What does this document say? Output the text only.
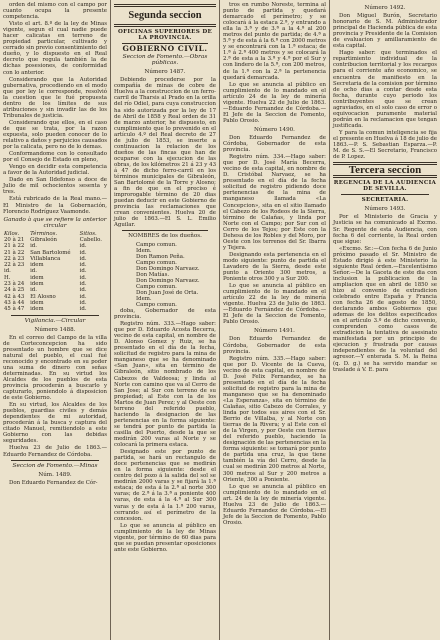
orden del mismo con el campo por cuanto ocupa la presente competencia.

Visto el art. 8.º de la ley de Minas vigente, segun el cual nadie puede hacer calicatas en terreno de propiedad particular, cultivado y cerrado sin previo consentimiento del dueño, y lo dispuesto en el Real decreto que regula también la de dichas posesiones, de conformidad con lo anterior.

Considerando que la Autoridad gubernativa, procediendo en el modo que por ley le corresponde, resolvió la cuestion que le fué propuesta dentro de los límites de sus atribuciones y sin invadir las de los Tribunales de justicia.

Considerando que ellos, en el caso de que se trata, por la razon expuesta, solo pueden conocer de lo relativo a daños y perjuicios causados por la calicata, pero no de lo demas.

Conformandome con lo consultado por el Consejo de Estado en pleno,

Vengo en decidir esta competencia a favor de la Autoridad judicial.

Dado en San Ildefonso a doce de Julio de mil ochocientos sesenta y tres.

Está rubricado de la Real mano.—El Ministro de la Gobernación, Florencio Rodríguez Vaamonde.

Ganado à que se refiere la anterior circular
Kilos.	Términos.	Sitios.
20 à 21	Gibraleón	Cabello.
21 à 22	id.	id.
21 à 22	San Bartolomé	id.
22 à 23	Villablanca	id.
22 à 23	idem	id.
id.	id.	id.
H.	idem	id.
23 à 24	idem	id.
24 à 25	id.	id.
42 à 43	El Alosno	id.
43 à 44	idem	id.
45 à 47	idem	id.
Vigilancia.—Circular
Número 1488.

En el correo del Campo de la villa de Corteconcepcion ha sido presentado un hombre que se dice natural del pueblo, el cual fué reconocido y encontrado en su poder una suma de dinero con señas determinadas. En su virtud los Alcaldes de los pueblos de esta provincia procederán a buscarlo y capturarlo, poniendolo á disposicion de este Gobierno.

En su virtud, los Alcaldes de los pueblos, guardias civiles y demás dependientes de mi autoridad, procederán á la busca y captura del citado Manuel, remitiendolo a este Gobierno con las debidas seguridades.

Huelva 23 de Julio de 1863.—Eduardo Fernandez de Córdoba.

Seccion de Fomento.—Minas
Núm. 1489.

Don Eduardo Fernandez de Cór-

Segunda seccion
OFICINAS SUPERIORES DE LA PROVINCIA.
GOBIERNO CIVIL.
Seccion de Fomento.—Obras públicas.
Número 1487.

Debiendo procederse por la compañía de minas de cobre de Huelva a la construccion de un ferro-carril de Tharsis al Prado en la orilla del río Odiel, para cuya construccion ha sido autorizada por la ley de 17 de Abril de 1858 y Real orden de 31 de marzo anterior, he dispuesto, en cumplimiento que lo prevenido en el artículo 4.º del Real decreto de 27 de julio de 1853, se inserte a continuacion la relacion de los dueños de las fincas que han de ocuparse con la ejecucion de las obras, de los kilómetros 21 á 23 y 43 á 47 de dicho ferro-carril en los términos municipales de Gibraleón, San Bartolomé de la Torre y Alosno; a fin de que en el preciso é improrogable término de 20 dias puedan deducir en este Gobierno de provincia las reclamaciones que crean convenientes. Huelva 20 de julio de 1863.—El S. L. Emilio Aguilar.

NOMBRES de los dueños.
Campo comun.
Idem.
Don Ramon Peña.
Campo comun.
Don Domingo Narvaez.
Don Matías.
Don Domingo Narvaez.
Campo comun.
Don Juan José de Orta.
Idem.
Campo comun.

doba, Gobernador de esta provincia.

Registro núm. 333.—Hago saber: que por D. Eduardo Acosta Becerra, vecino de esta capital, en nombre de D. Alonso Gomez y Ruiz, se ha presentado en el día de la fecha, solicitud de registro para la mina de manganeso que se ha denominado «San Juan», sita en término de Gibraleón, sitio nombrado de los Cabezos de Valdeosa; y linda al Norte con camino que va al Cerro de San Jose; al Sur con terreno de su propiedad; al Este con la de los Martos de Juan Perez; y al Oeste con terreno del referido pueblo, haciendo la designacion de las pertenencias en la forma siguiente: se tendrá por punto de partida la casilla del Puerto, desde la que se medirán 200 varas al Norte y se colocará la primera estaca.

Designado este por punto de partida, se hará un rectangulo de doce pertenencias que se medirán en la forma siguiente: desde el centro del pozo á la salida del sol se medirán 2000 varas y se fijará la 1.ª estaca; de esta á la 2.ª al norte 300 varas; de 2.ª á la 3.ª a poniente 400 varas, de esta á la 4.ª al Sur 300 varas y de esta á la 1.ª 200 varas, cerrando así el perímetro de la concesion.

Lo que se anuncia al público en cumplimiento de la ley de Minas vigente, por término de 60 dias para que se puedan presentar oposiciones ante este Gobierno.

tros en rumbo Noreste, termina al punto de partida y quedará demarcado el perímetro; y se colocará á la estaca 2.ª, y entrando a ella la 3.ª y de 3.ª a la 4.ª al 200 metros del punto de partida; de 4.ª a 5.ª y de esta á la 6.ª con 2000 metros y se encontrará con la 1.ª estaca; de 1.ª á 2.ª 400 metros y se colocará la 2.ª de esta a la 3.ª y 4.ª por el Sur y con lindero de la 5.ª, con 200 metros, de la 1.ª con la 2.ª la pertenencia quedará demarcada.

Lo que se anuncia al público en cumplimiento de lo mandado en el artículo 24 de la ley de minería vigente. Huelva 22 de Julio de 1863.—Eduardo Fernandez de Córdoba.—El Jefe de la Seccion de Fomento, Pablo Orosio.

Número 1490.

Don Eduardo Fernandez de Córdoba, Gobernador de esta provincia.

Registro núm. 334.—Hago saber: que por D. José María Becerra, vecino de esta capital, en nombre de D. Cristóbal Narvaez, se ha presentado en el día de la fecha solicitud de registro pidiendo doce pertenencias de la mina de manganeso llamada «La Concepcion», sita en el sitio llamado el Cabezo de los Rodeos de la Sierra, término de Calañas, y linda por Norte con el Campo; por Sur con el Cerro de los Tejos; por Este con la Dehesa de los Robles y del Moro, por Oeste con los terrenos del Sr. Ibarra y Tejera.

Designando esta pertenencia en el modo siguiente: punto de partida el Lavadero de la Sierra, desde este punto a Oriente 300 metros, a Poniente otros 300 y a Sur 200.

Lo que se anuncia al público en cumplimiento de lo mandado en el artículo 22 de la ley de minería vigente. Huelva 23 de Julio de 1863.—Eduardo Fernández de Córdoba.—El Jefe de la Seccion de Fomento, Pablo Orosio.

Número 1491.

Don Eduardo Fernandez de Córdoba, Gobernador de esta provincia.

Registro núm. 335.—Hago saber: que por D. Vicente de la Cueva, vecino de esta capital, en nombre de D. José Felix Fernandez, se ha presentado en el día de la fecha solicitud de registro para la mina de manganeso que se ha denominado «La Esperanza», sita en término de Calañas, sitio Cabezo de Corrales, y linda por todos sus aires con el Sr. Berrio de Villalba, y al Norte con tierras de la Rivera; y al Este con el de la Virgen, y por Oeste con tierras del referido pueblo, haciendo la designación de las pertenencias en la forma siguiente: se tomará por punto de partida una cruz, la que tiene también la vía del Cerro, desde la cual se medirán 200 metros al Norte, 300 metros al Sur y 200 metros a Oriente, 300 a Poniente.

Lo que se anuncia al público en cumplimiento de lo mandado en el art. 24 de la ley de minería vigente. Huelva 23 de Julio de 1863.—Eduardo Fernandez de Córdoba.—El Jefe de la Seccion de Fomento, Pablo Orosio.

Número 1492.

Don Miguel Burón, Secretario honorario de S. M. Administrador principal de Hacienda pública de esta provincia y Presidente de la Comision de evaluacion y amillaramiento de esta capital.

Hago saber: que terminados el repartimiento individual de la contribucion territorial y los recargos para el corriente año economico, se encuentra de manifiesto en la Secretaria de la comision por término de ocho dias a contar desde esta fecha, durante cuyo periodo los contribuyentes que se crean agraviados, en el solo caso de error o equivocacion puramente material podrán en la reclamacion que tengan justificada.

Y para la comun inteligencia se fija el presente en Huelva á 18 de julio de 1863.—P. S. Sebastian Esparza.—P. M. de S. S.—El Secretario, Francisco de P. Lopez.

Tercera seccion
REGENCIA DE LA AUDIENCIA DE SEVILLA.
SECRETARIA.
Número 1493.

Por el Ministerio de Gracia y Justicia se ha comunicado al Excmo. Sr. Regente de esta Audiencia, con fecha 6 del corriente, la Real orden que sigue:

«Excmo. Sr.:—Con fecha 6 de Junio próximo pasado el Sr. Ministro de Estado dirigió á este Ministerio la siguiente Real órden.—Excelentísimo Señor.—De la Gaceta de este dia con inclusion la publicacion de la ampliacion que en abril de 1850 se hizo al convenio de extradicion celebrado entre España y Francia con fecha 26 de agosto de 1850, declarando ambos Gobiernos que ademas de los delitos especificados en el artículo 3.º de dicho convenio, comprenden como casos de extradicion la tentativa de asesinato manifestada por un principio de ejecucion y frustrada por causas independientes de la voluntad del agresor.—Y enterada S. M. la Reina (q. D. g.) se ha servido mandar se traslade á V. E. para
